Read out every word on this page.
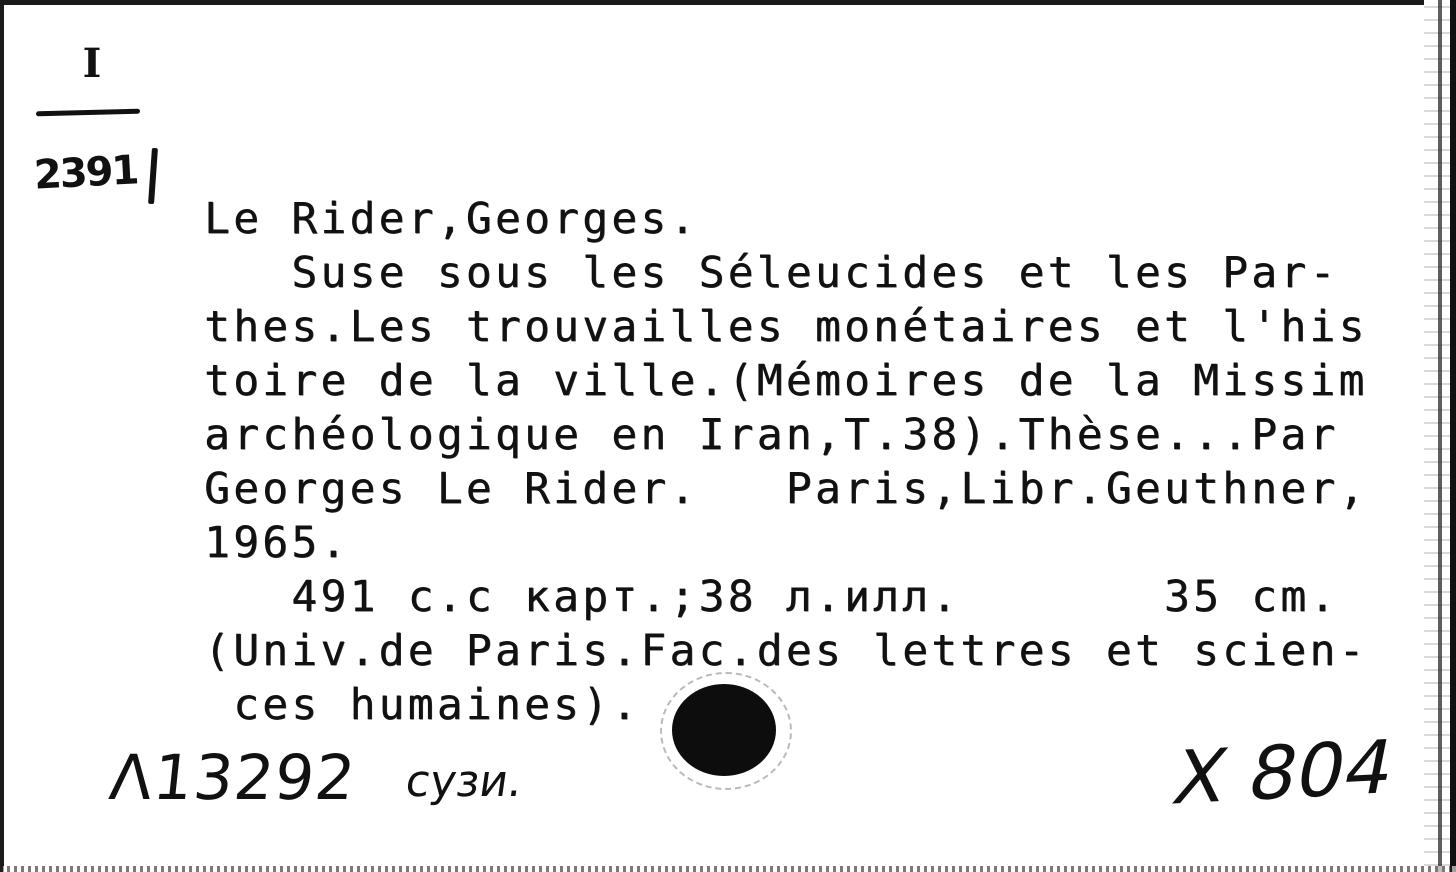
I
2391
Le Rider,Georges.
Suse sous les Séleucides et les Par-
thes.Les trouvailles monétaires et l'his
toire de la ville.(Mémoires de la Missim
archéologique en Iran,T.38).Thèse...Par
Georges Le Rider.   Paris,Libr.Geuthner,
1965.
491 с.с карт.;38 л.илл.       35 cm.
(Univ.de Paris.Fac.des lettres et scien-
ces humaines).
Λ13292 сузи.	X 804
